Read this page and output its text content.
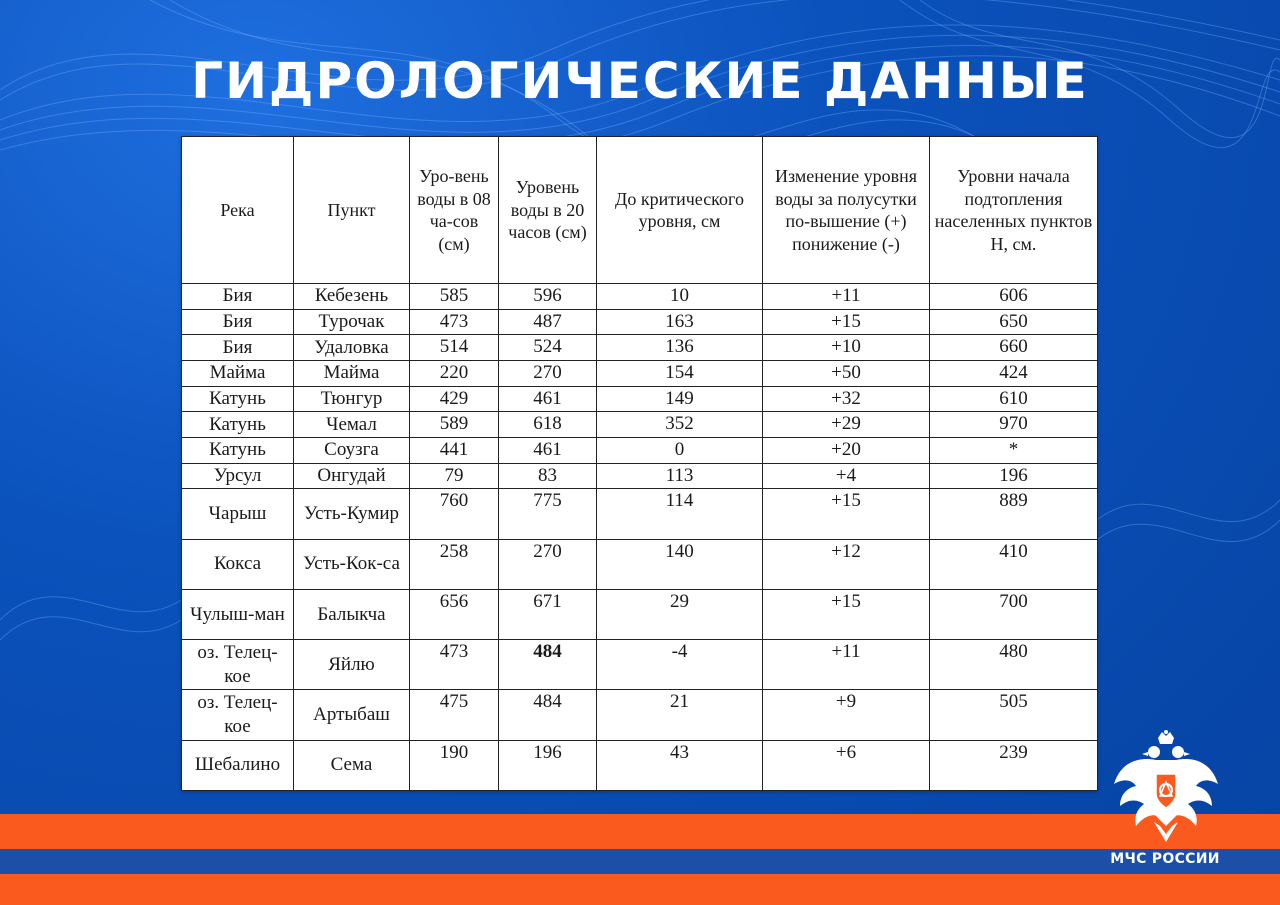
ГИДРОЛОГИЧЕСКИЕ ДАННЫЕ
Река	Пункт	Уро-вень воды в 08 ча-сов (см)	Уровень воды в 20 часов (см)	До критического уровня, см	Изменение уровня воды за полусутки по-вышение (+) понижение (-)	Уровни начала подтопления населенных пунктов Н, см.
Бия	Кебезень	585	596	10	+11	606
Бия	Турочак	473	487	163	+15	650
Бия	Удаловка	514	524	136	+10	660
Майма	Майма	220	270	154	+50	424
Катунь	Тюнгур	429	461	149	+32	610
Катунь	Чемал	589	618	352	+29	970
Катунь	Соузга	441	461	0	+20	*
Урсул	Онгудай	79	83	113	+4	196
Чарыш	Усть-Кумир	760	775	114	+15	889
Кокса	Усть-Кок-са	258	270	140	+12	410
Чулыш-ман	Балыкча	656	671	29	+15	700
оз. Телец-кое	Яйлю	473	484	-4	+11	480
оз. Телец-кое	Артыбаш	475	484	21	+9	505
Шебалино	Сема	190	196	43	+6	239
МЧС РОССИИ
